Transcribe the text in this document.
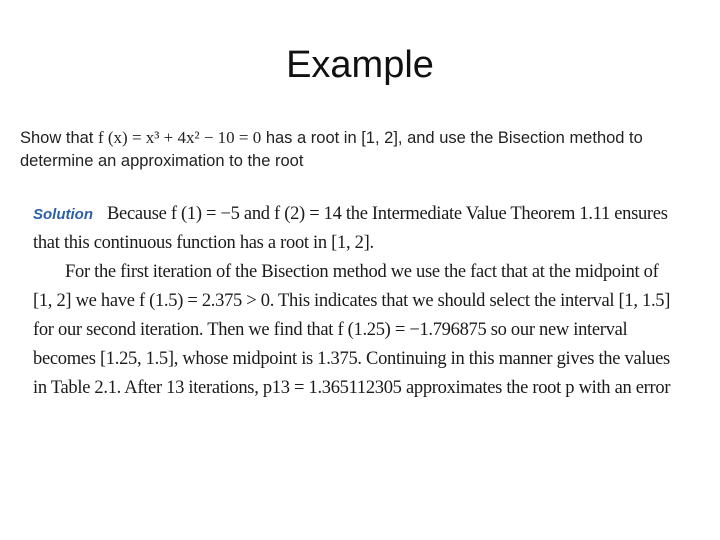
Example
Show that f (x) = x³ + 4x² − 10 = 0 has a root in [1, 2], and use the Bisection method to
determine an approximation to the root
Solution Because f (1) = −5 and f (2) = 14 the Intermediate Value Theorem 1.11 ensures
that this continuous function has a root in [1, 2].
For the first iteration of the Bisection method we use the fact that at the midpoint of
[1, 2] we have f (1.5) = 2.375 > 0. This indicates that we should select the interval [1, 1.5]
for our second iteration. Then we find that f (1.25) = −1.796875 so our new interval
becomes [1.25, 1.5], whose midpoint is 1.375. Continuing in this manner gives the values
in Table 2.1. After 13 iterations, p13 = 1.365112305 approximates the root p with an error
